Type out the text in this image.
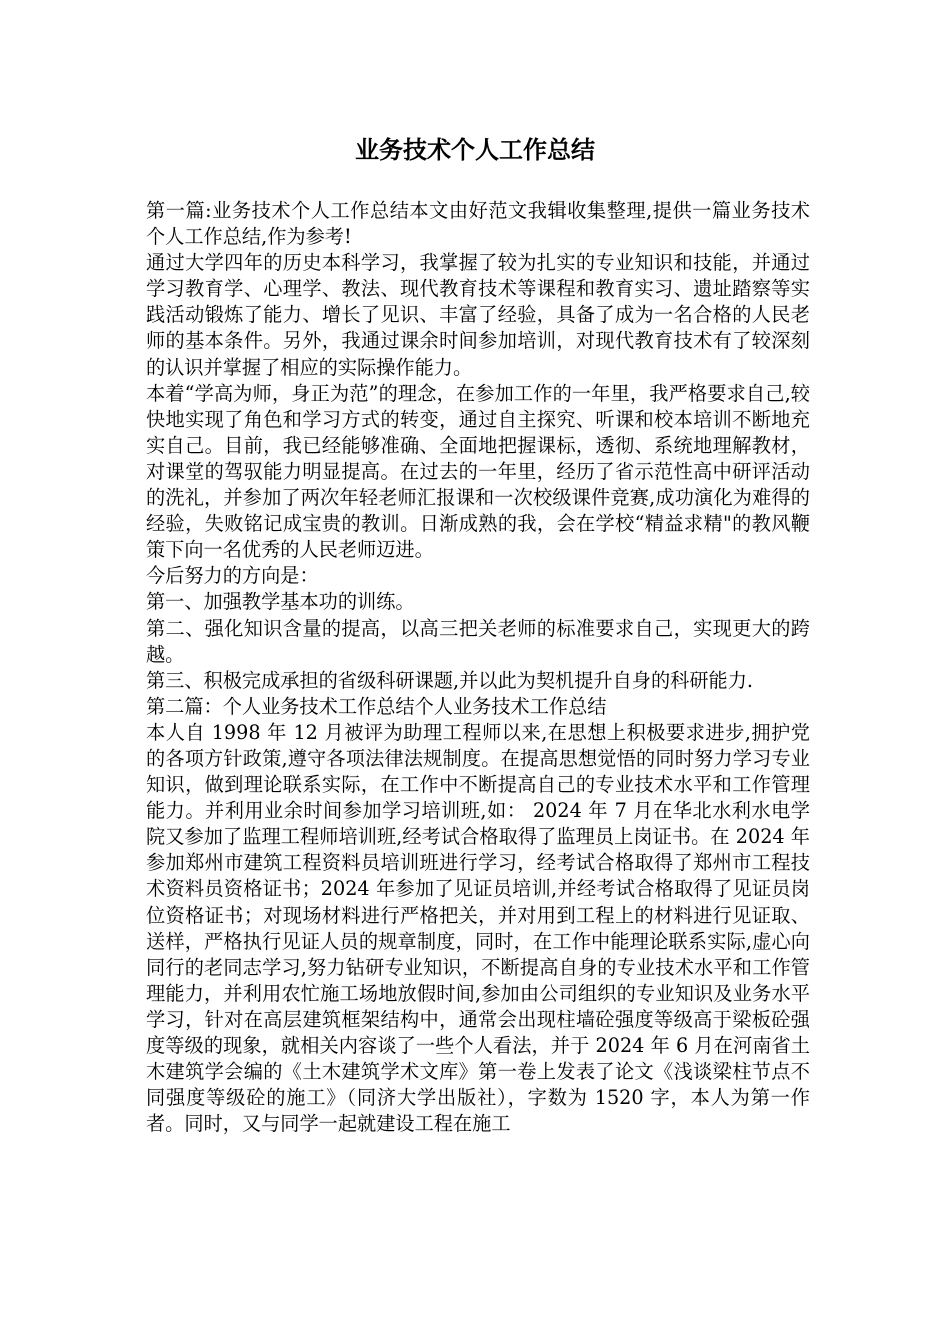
业务技术个人工作总结

第一篇:业务技术个人工作总结本文由好范文我辑收集整理,提供一篇业务技术个人工作总结,作为参考!

通过大学四年的历史本科学习，我掌握了较为扎实的专业知识和技能，并通过学习教育学、心理学、教法、现代教育技术等课程和教育实习、遗址踏察等实践活动锻炼了能力、增长了见识、丰富了经验，具备了成为一名合格的人民老师的基本条件。另外，我通过课余时间参加培训，对现代教育技术有了较深刻的认识并掌握了相应的实际操作能力。

本着“学高为师，身正为范”的理念，在参加工作的一年里，我严格要求自己,较快地实现了角色和学习方式的转变，通过自主探究、听课和校本培训不断地充实自己。目前，我已经能够准确、全面地把握课标，透彻、系统地理解教材，对课堂的驾驭能力明显提高。在过去的一年里，经历了省示范性高中研评活动的洗礼，并参加了两次年轻老师汇报课和一次校级课件竞赛,成功演化为难得的经验，失败铭记成宝贵的教训。日渐成熟的我，会在学校“精益求精"的教风鞭策下向一名优秀的人民老师迈进。

今后努力的方向是：

第一、加强教学基本功的训练。

第二、强化知识含量的提高，以高三把关老师的标准要求自己，实现更大的跨越。

第三、积极完成承担的省级科研课题,并以此为契机提升自身的科研能力.

第二篇：个人业务技术工作总结个人业务技术工作总结

本人自 1998 年 12 月被评为助理工程师以来,在思想上积极要求进步,拥护党的各项方针政策,遵守各项法律法规制度。在提高思想觉悟的同时努力学习专业知识，做到理论联系实际，在工作中不断提高自己的专业技术水平和工作管理能力。并利用业余时间参加学习培训班,如： 2024 年 7 月在华北水利水电学院又参加了监理工程师培训班,经考试合格取得了监理员上岗证书。在 2024 年参加郑州市建筑工程资料员培训班进行学习，经考试合格取得了郑州市工程技术资料员资格证书；2024 年参加了见证员培训,并经考试合格取得了见证员岗位资格证书；对现场材料进行严格把关，并对用到工程上的材料进行见证取、送样，严格执行见证人员的规章制度，同时，在工作中能理论联系实际,虚心向同行的老同志学习,努力钻研专业知识，不断提高自身的专业技术水平和工作管理能力，并利用农忙施工场地放假时间,参加由公司组织的专业知识及业务水平学习，针对在高层建筑框架结构中，通常会出现柱墙砼强度等级高于梁板砼强度等级的现象，就相关内容谈了一些个人看法，并于 2024 年 6 月在河南省土木建筑学会编的《土木建筑学术文库》第一卷上发表了论文《浅谈梁柱节点不同强度等级砼的施工》（同济大学出版社），字数为 1520 字，本人为第一作者。同时，又与同学一起就建设工程在施工
